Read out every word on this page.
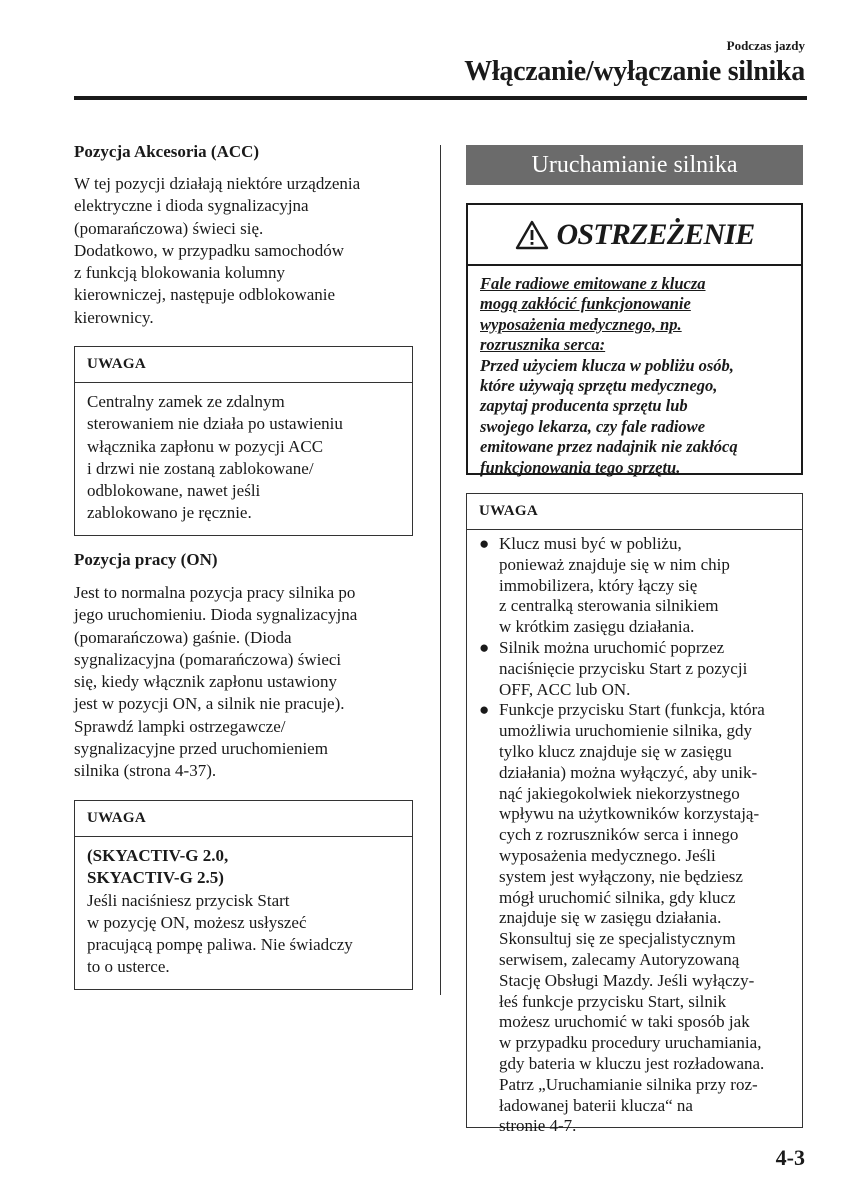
Podczas jazdy
Włączanie/wyłączanie silnika
Pozycja Akcesoria (ACC)

W tej pozycji działają niektóre urządzenia
elektryczne i dioda sygnalizacyjna
(pomarańczowa) świeci się.
Dodatkowo, w przypadku samochodów
z funkcją blokowania kolumny
kierowniczej, następuje odblokowanie
kierownicy.

UWAGA

Centralny zamek ze zdalnym
sterowaniem nie działa po ustawieniu
włącznika zapłonu w pozycji ACC
i drzwi nie zostaną zablokowane/
odblokowane, nawet jeśli
zablokowano je ręcznie.

Pozycja pracy (ON)

Jest to normalna pozycja pracy silnika po
jego uruchomieniu. Dioda sygnalizacyjna
(pomarańczowa) gaśnie. (Dioda
sygnalizacyjna (pomarańczowa) świeci
się, kiedy włącznik zapłonu ustawiony
jest w pozycji ON, a silnik nie pracuje).
Sprawdź lampki ostrzegawcze/
sygnalizacyjne przed uruchomieniem
silnika (strona 4-37).

UWAGA

(SKYACTIV-G 2.0,
SKYACTIV-G 2.5)

Jeśli naciśniesz przycisk Start
w pozycję ON, możesz usłyszeć
pracującą pompę paliwa. Nie świadczy
to o usterce.

Uruchamianie silnika
OSTRZEŻENIE
Fale radiowe emitowane z klucza
mogą zakłócić funkcjonowanie
wyposażenia medycznego, np.
rozrusznika serca:
Przed użyciem klucza w pobliżu osób,
które używają sprzętu medycznego,
zapytaj producenta sprzętu lub
swojego lekarza, czy fale radiowe
emitowane przez nadajnik nie zakłócą
funkcjonowania tego sprzętu.
UWAGA
● Klucz musi być w pobliżu,
ponieważ znajduje się w nim chip
immobilizera, który łączy się
z centralką sterowania silnikiem
w krótkim zasięgu działania.
● Silnik można uruchomić poprzez
naciśnięcie przycisku Start z pozycji
OFF, ACC lub ON.
● Funkcje przycisku Start (funkcja, która
umożliwia uruchomienie silnika, gdy
tylko klucz znajduje się w zasięgu
działania) można wyłączyć, aby unik-
nąć jakiegokolwiek niekorzystnego
wpływu na użytkowników korzystają-
cych z rozruszników serca i innego
wyposażenia medycznego. Jeśli
system jest wyłączony, nie będziesz
mógł uruchomić silnika, gdy klucz
znajduje się w zasięgu działania.
Skonsultuj się ze specjalistycznym
serwisem, zalecamy Autoryzowaną
Stację Obsługi Mazdy. Jeśli wyłączy-
łeś funkcje przycisku Start, silnik
możesz uruchomić w taki sposób jak
w przypadku procedury uruchamiania,
gdy bateria w kluczu jest rozładowana.
Patrz „Uruchamianie silnika przy roz-
ładowanej baterii klucza“ na
stronie 4-7.
4-3
